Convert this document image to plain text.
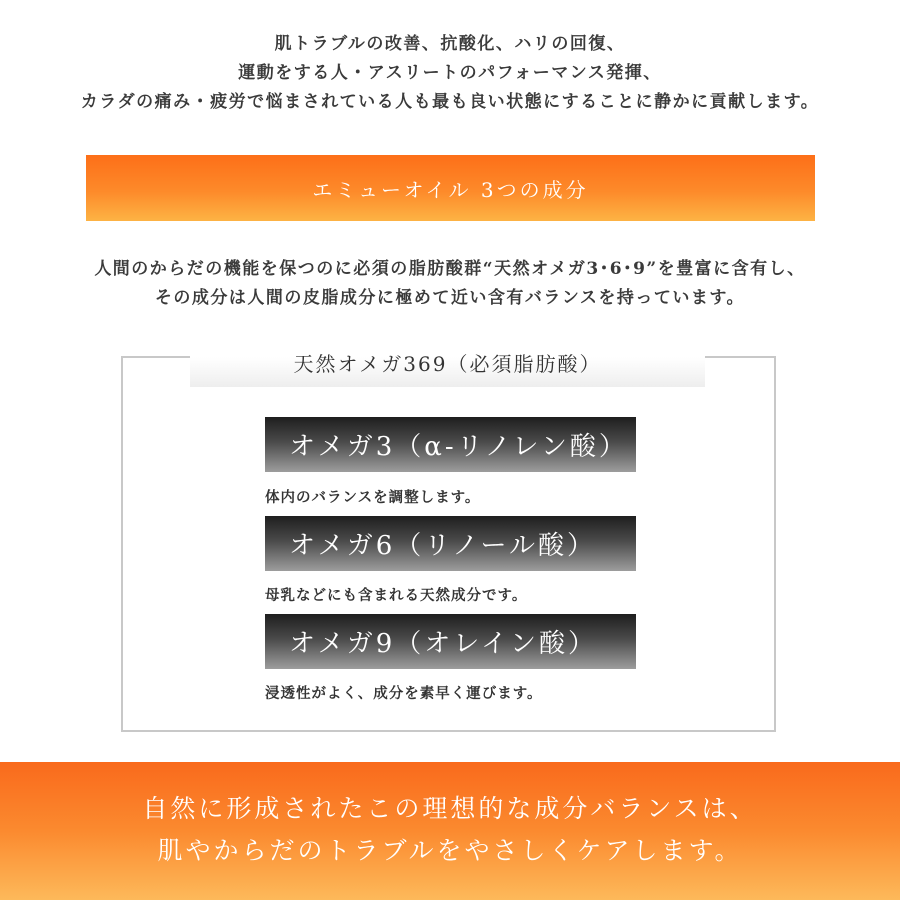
肌トラブルの改善、抗酸化、ハリの回復、
運動をする人・アスリートのパフォーマンス発揮、
カラダの痛み・疲労で悩まされている人も最も良い状態にすることに静かに貢献します。
エミューオイル 3つの成分
人間のからだの機能を保つのに必須の脂肪酸群“天然オメガ3･6･9”を豊富に含有し、
その成分は人間の皮脂成分に極めて近い含有バランスを持っています。
天然オメガ369（必須脂肪酸）
オメガ3（α-リノレン酸）
体内のバランスを調整します。
オメガ6（リノール酸）
母乳などにも含まれる天然成分です。
オメガ9（オレイン酸）
浸透性がよく、成分を素早く運びます。
自然に形成されたこの理想的な成分バランスは、
肌やからだのトラブルをやさしくケアします。
